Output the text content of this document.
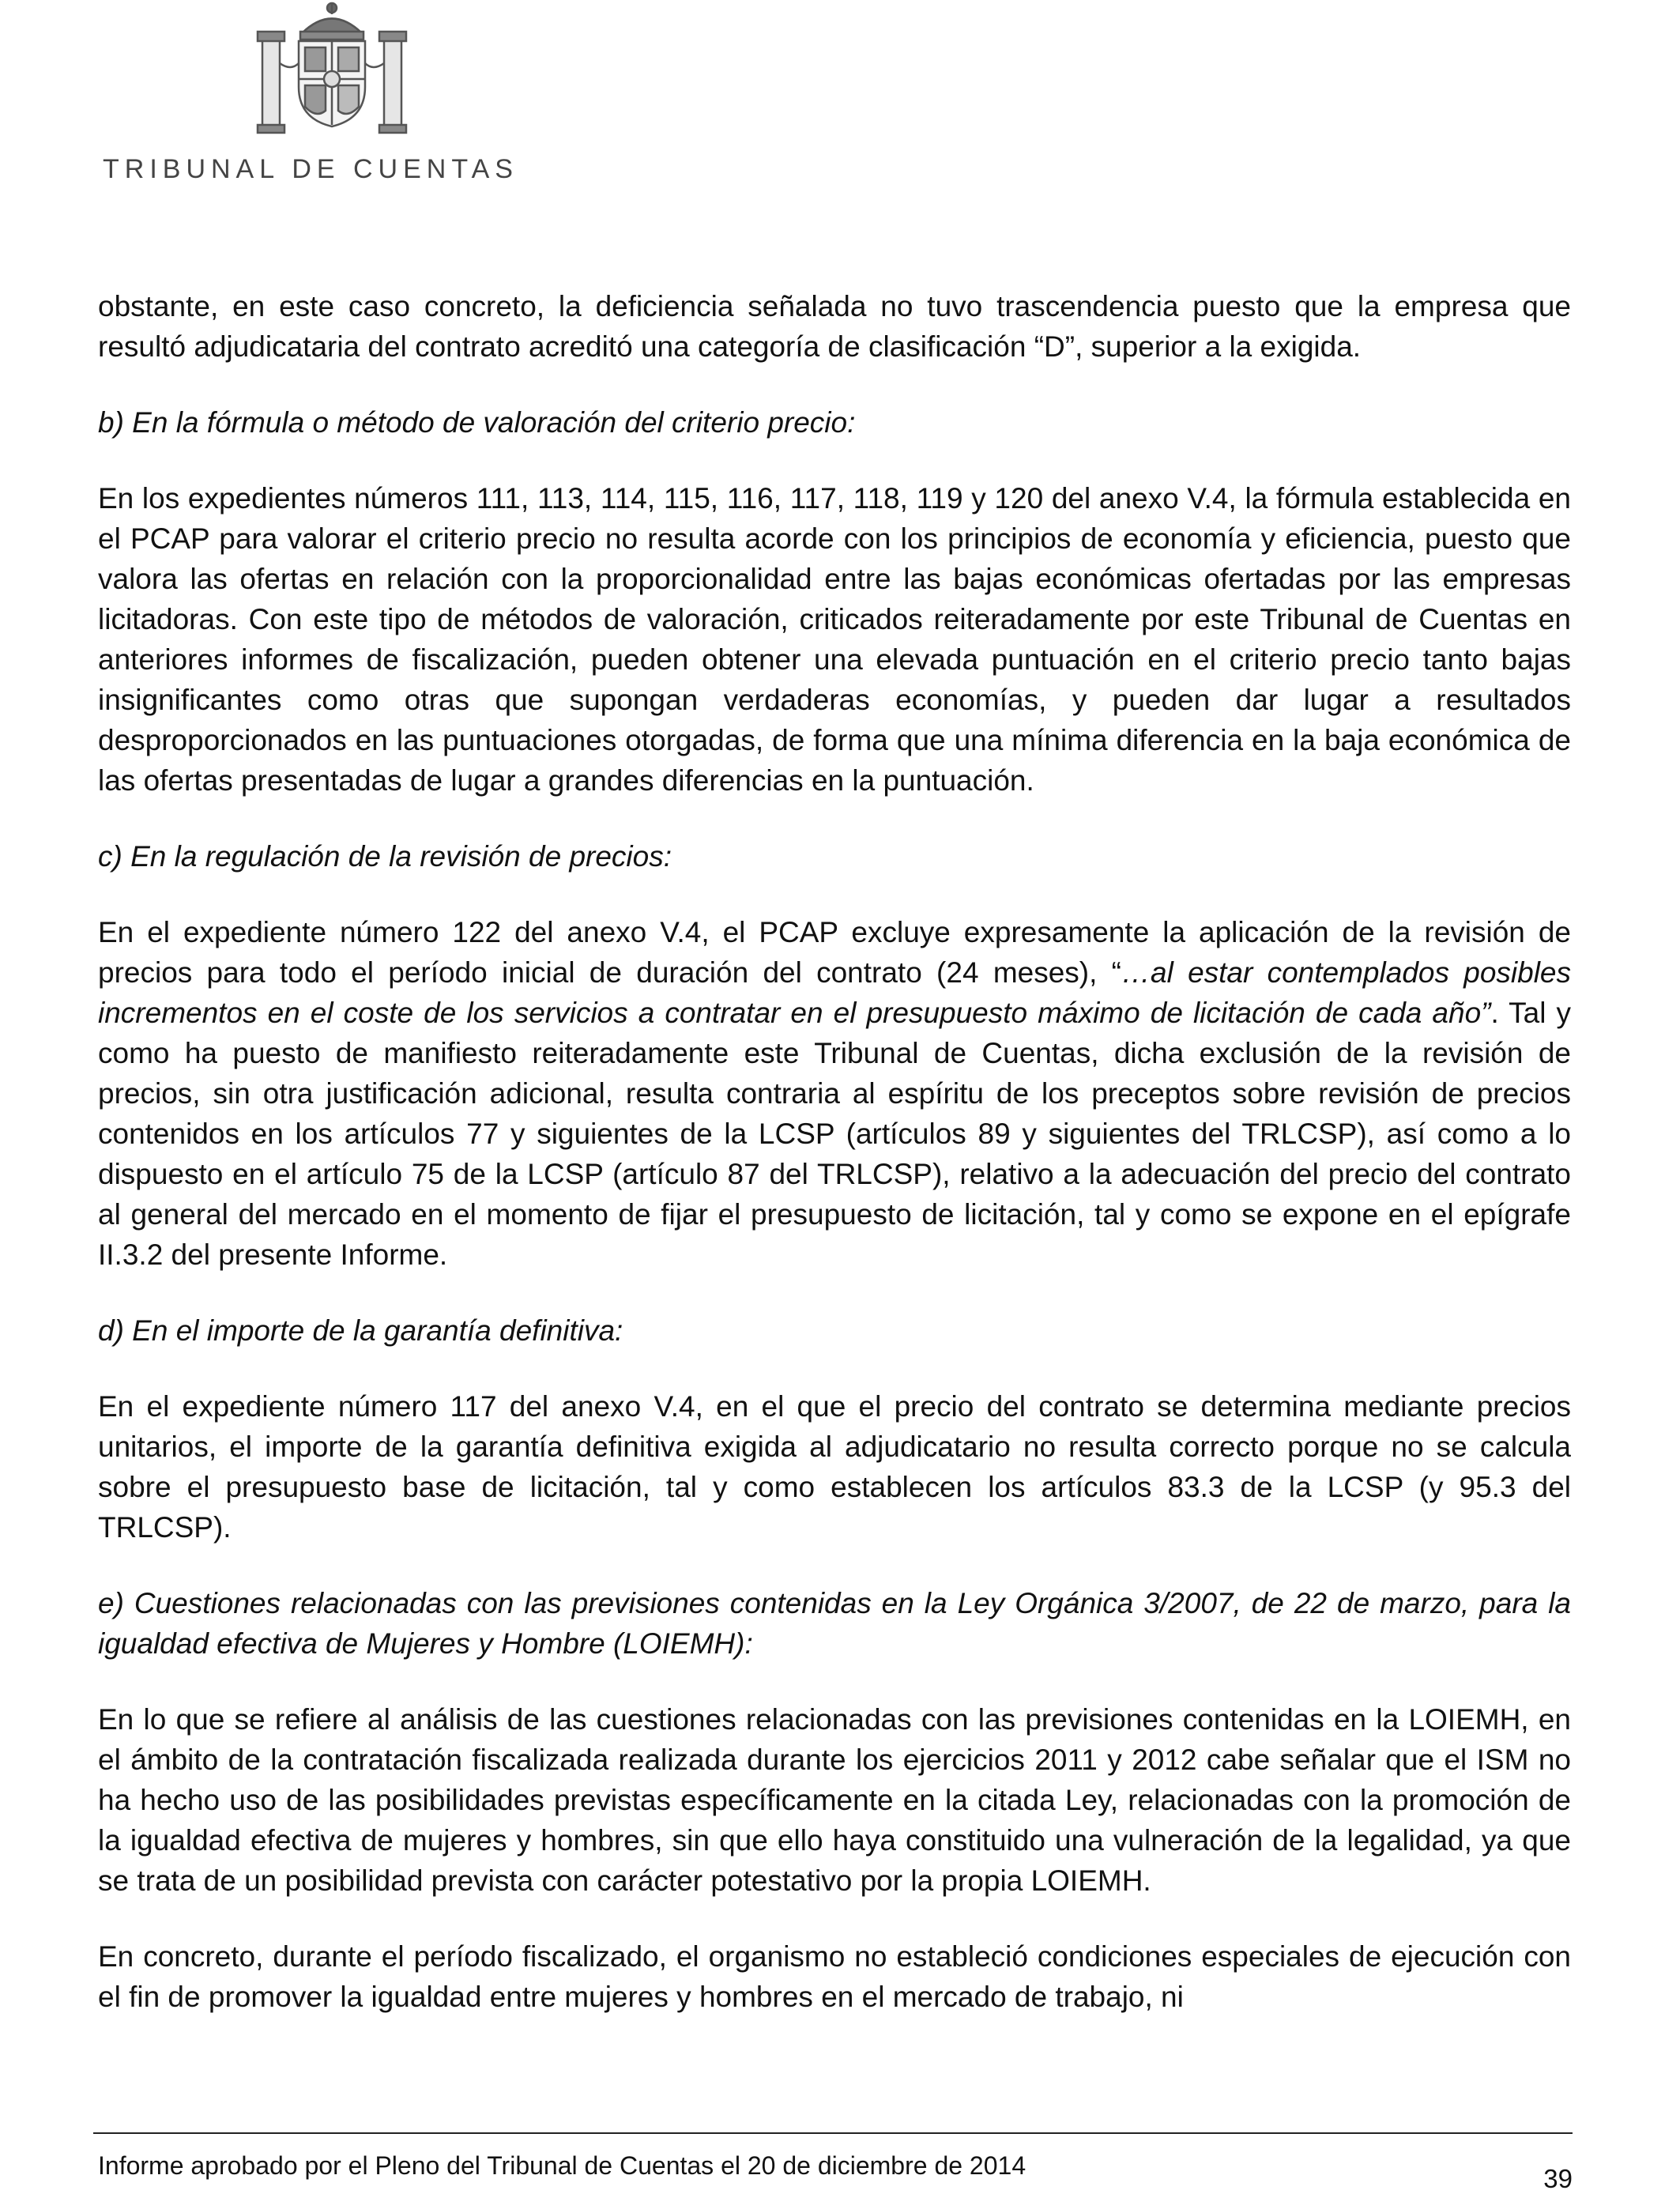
TRIBUNAL DE CUENTAS

obstante, en este caso concreto, la deficiencia señalada no tuvo trascendencia puesto que la empresa que resultó adjudicataria del contrato acreditó una categoría de clasificación “D”, superior a la exigida.

b) En la fórmula o método de valoración del criterio precio:

En los expedientes números 111, 113, 114, 115, 116, 117, 118, 119 y 120 del anexo V.4, la fórmula establecida en el PCAP para valorar el criterio precio no resulta acorde con los principios de economía y eficiencia, puesto que valora las ofertas en relación con la proporcionalidad entre las bajas económicas ofertadas por las empresas licitadoras. Con este tipo de métodos de valoración, criticados reiteradamente por este Tribunal de Cuentas en anteriores informes de fiscalización, pueden obtener una elevada puntuación en el criterio precio tanto bajas insignificantes como otras que supongan verdaderas economías, y pueden dar lugar a resultados desproporcionados en las puntuaciones otorgadas, de forma que una mínima diferencia en la baja económica de las ofertas presentadas de lugar a grandes diferencias en la puntuación.

c) En la regulación de la revisión de precios:

En el expediente número 122 del anexo V.4, el PCAP excluye expresamente la aplicación de la revisión de precios para todo el período inicial de duración del contrato (24 meses), “…al estar contemplados posibles incrementos en el coste de los servicios a contratar en el presupuesto máximo de licitación de cada año”. Tal y como ha puesto de manifiesto reiteradamente este Tribunal de Cuentas, dicha exclusión de la revisión de precios, sin otra justificación adicional, resulta contraria al espíritu de los preceptos sobre revisión de precios contenidos en los artículos 77 y siguientes de la LCSP (artículos 89 y siguientes del TRLCSP), así como a lo dispuesto en el artículo 75 de la LCSP (artículo 87 del TRLCSP), relativo a la adecuación del precio del contrato al general del mercado en el momento de fijar el presupuesto de licitación, tal y como se expone en el epígrafe II.3.2 del presente Informe.

d) En el importe de la garantía definitiva:

En el expediente número 117 del anexo V.4, en el que el precio del contrato se determina mediante precios unitarios, el importe de la garantía definitiva exigida al adjudicatario no resulta correcto porque no se calcula sobre el presupuesto base de licitación, tal y como establecen los artículos 83.3 de la LCSP (y 95.3 del TRLCSP).

e) Cuestiones relacionadas con las previsiones contenidas en la Ley Orgánica 3/2007, de 22 de marzo, para la igualdad efectiva de Mujeres y Hombre (LOIEMH):

En lo que se refiere al análisis de las cuestiones relacionadas con las previsiones contenidas en la LOIEMH, en el ámbito de la contratación fiscalizada realizada durante los ejercicios 2011 y 2012 cabe señalar que el ISM no ha hecho uso de las posibilidades previstas específicamente en la citada Ley, relacionadas con la promoción de la igualdad efectiva de mujeres y hombres, sin que ello haya constituido una vulneración de la legalidad, ya que se trata de un posibilidad prevista con carácter potestativo por la propia LOIEMH.

En concreto, durante el período fiscalizado, el organismo no estableció condiciones especiales de ejecución con el fin de promover la igualdad entre mujeres y hombres en el mercado de trabajo, ni

39
Informe aprobado por el Pleno del Tribunal de Cuentas el 20 de diciembre de 2014
